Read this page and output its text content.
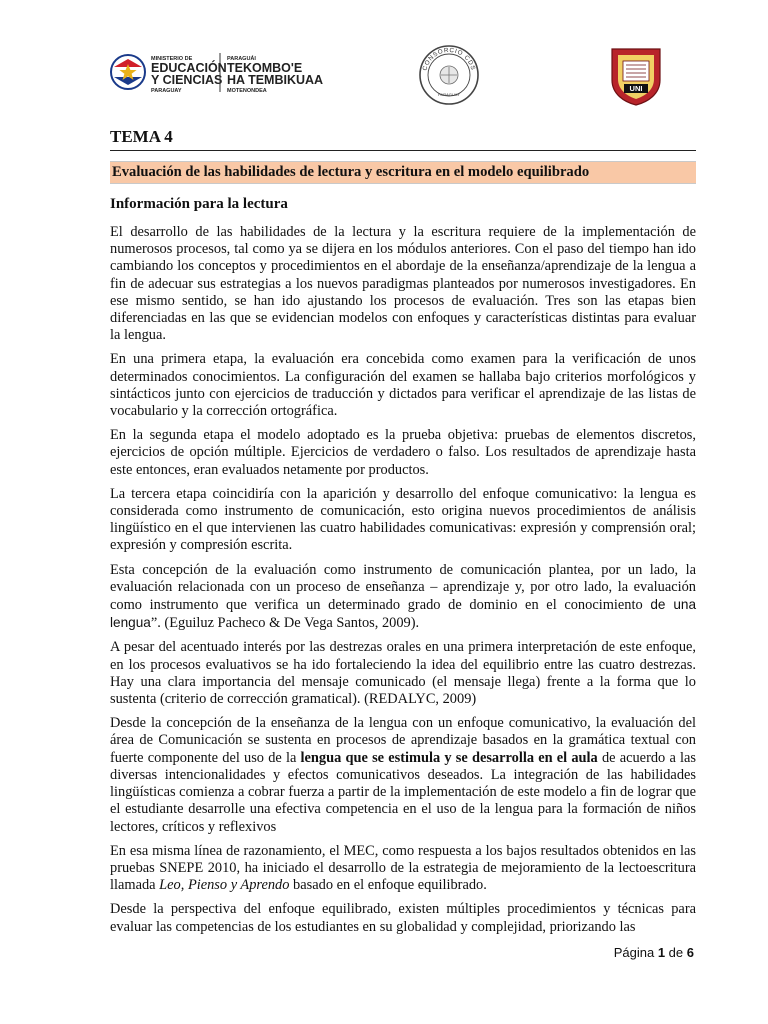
MINISTERIO DE
EDUCACIÓN
Y CIENCIAS
PARAGUAY
PARAGUÁI
TEKOMBO'E
HA TEMBIKUAA
MOTENONDEA
CONSORCIO CDS
PARAGUAY
UNI
TEMA 4
Evaluación de las habilidades de lectura y escritura en el modelo equilibrado
Información para la lectura

El desarrollo de las habilidades de la lectura y la escritura requiere de la implementación de numerosos procesos, tal como ya se dijera en los módulos anteriores. Con el paso del tiempo han ido cambiando los conceptos y procedimientos en el abordaje de la enseñanza/aprendizaje de la lengua a fin de adecuar sus estrategias a los nuevos paradigmas planteados por numerosos investigadores. En ese mismo sentido, se han ido ajustando los procesos de evaluación. Tres son las etapas bien diferenciadas en las que se evidencian modelos con enfoques y características distintas para evaluar la lengua.

En una primera etapa, la evaluación era concebida como examen para la verificación de unos determinados conocimientos. La configuración del examen se hallaba bajo criterios morfológicos y sintácticos junto con ejercicios de traducción y dictados para verificar el aprendizaje de las listas de vocabulario y la corrección ortográfica.

En la segunda etapa el modelo adoptado es la prueba objetiva: pruebas de elementos discretos, ejercicios de opción múltiple. Ejercicios de verdadero o falso. Los resultados de aprendizaje hasta este entonces, eran evaluados netamente por productos.

La tercera etapa coincidiría con la aparición y desarrollo del enfoque comunicativo: la lengua es considerada como instrumento de comunicación, esto origina nuevos procedimientos de análisis lingüístico en el que intervienen las cuatro habilidades comunicativas: expresión y comprensión oral; expresión y compresión escrita.

Esta concepción de la evaluación como instrumento de comunicación plantea, por un lado, la evaluación relacionada con un proceso de enseñanza – aprendizaje y, por otro lado, la evaluación como instrumento que verifica un determinado grado de dominio en el conocimiento de una lengua”. (Eguiluz Pacheco & De Vega Santos, 2009).

A pesar del acentuado interés por las destrezas orales en una primera interpretación de este enfoque, en los procesos evaluativos se ha ido fortaleciendo la idea del equilibrio entre las cuatro destrezas. Hay una clara importancia del mensaje comunicado (el mensaje llega) frente a la forma que lo sustenta (criterio de corrección gramatical). (REDALYC, 2009)

Desde la concepción de la enseñanza de la lengua con un enfoque comunicativo, la evaluación del área de Comunicación se sustenta en procesos de aprendizaje basados en la gramática textual con fuerte componente del uso de la lengua que se estimula y se desarrolla en el aula de acuerdo a las diversas intencionalidades y efectos comunicativos deseados. La integración de las habilidades lingüísticas comienza a cobrar fuerza a partir de la implementación de este modelo a fin de lograr que el estudiante desarrolle una efectiva competencia en el uso de la lengua para la formación de niños lectores, críticos y reflexivos

En esa misma línea de razonamiento, el MEC, como respuesta a los bajos resultados obtenidos en las pruebas SNEPE 2010, ha iniciado el desarrollo de la estrategia de mejoramiento de la lectoescritura llamada Leo, Pienso y Aprendo basado en el enfoque equilibrado.

Desde la perspectiva del enfoque equilibrado, existen múltiples procedimientos y técnicas para evaluar las competencias de los estudiantes en su globalidad y complejidad, priorizando las

Página 1 de 6
